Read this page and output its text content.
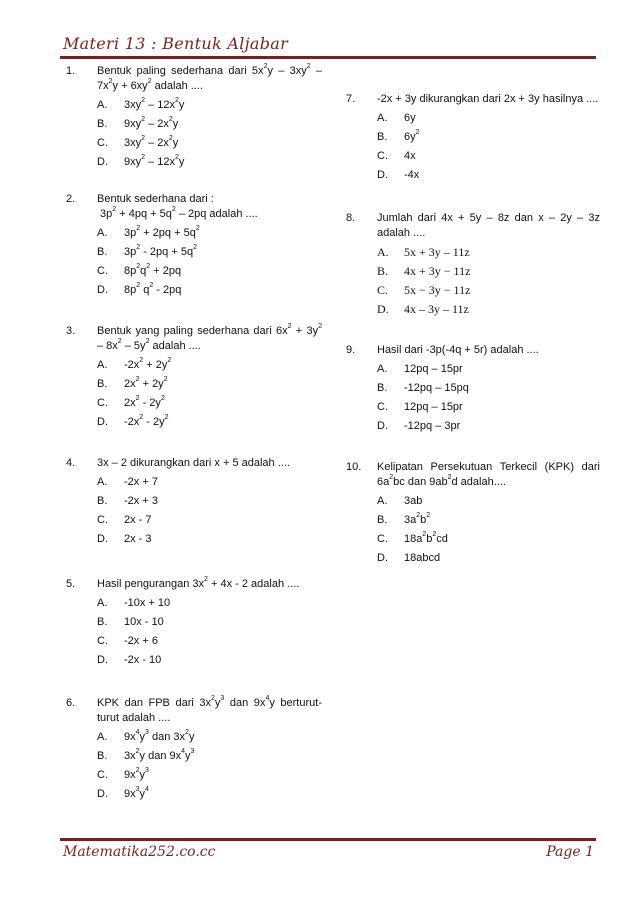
Materi 13 : Bentuk Aljabar
1. Bentuk paling sederhana dari $5x^2y - 3xy^2 - 7x^2y + 6xy^2$ adalah ....
A.	$3xy^2 - 12x^2y$
B.	$9xy^2 - 2x^2y$
C.	$3xy^2 - 2x^2y$
D.	$9xy^2 - 12x^2y$
2. Bentuk sederhana dari :
$3p^2 + 4pq + 5q^2 - 2pq$ adalah ....
A.	$3p^2 + 2pq + 5q^2$
B.	$3p^2 - 2pq + 5q^2$
C.	$8p^2q^2 + 2pq$
D.	$8p^2$ $q^2 - 2pq$
3. Bentuk yang paling sederhana dari $6x^2 + 3y^2 - 8x^2 - 5y^2$ adalah ....
A.	$-2x^2 + 2y^2$
B.	$2x^2 + 2y^2$
C.	$2x^2 - 2y^2$
D.	$-2x^2 - 2y^2$
4. 3x – 2 dikurangkan dari x + 5 adalah ....
A.	-2x + 7
B.	-2x + 3
C.	2x - 7
D.	2x - 3
5. Hasil pengurangan $3x^2 + 4x - 2$ adalah ....
A.	-10x + 10
B.	10x - 10
C.	-2x + 6
D.	-2x - 10
6. KPK dan FPB dari $3x^2y^3$ dan $9x^4y$ berturut-turut adalah ....
A.	$9x^4y^3$ dan $3x^2y$
B.	$3x^2y$ dan $9x^4y^3$
C.	$9x^2y^3$
D.	$9x^3y^4$
7. -2x + 3y dikurangkan dari 2x + 3y hasilnya ....
A.	6y
B.	$6y^2$
C.	4x
D.	-4x
8. Jumlah dari 4x + 5y – 8z dan x – 2y – 3z adalah ....
A.	5x + 3y – 11z
B.	4x + 3y − 11z
C.	5x − 3y − 11z
D.	4x – 3y – 11z
9. Hasil dari -3p(-4q + 5r) adalah ....
A.	12pq – 15pr
B.	-12pq – 15pq
C.	12pq – 15pr
D.	-12pq – 3pr
10. Kelipatan Persekutuan Terkecil (KPK) dari $6a^2bc$ dan $9ab^2d$ adalah....
A.	3ab
B.	$3a^2b^2$
C.	$18a^2b^2cd$
D.	18abcd
Matematika252.co.cc	Page 1
